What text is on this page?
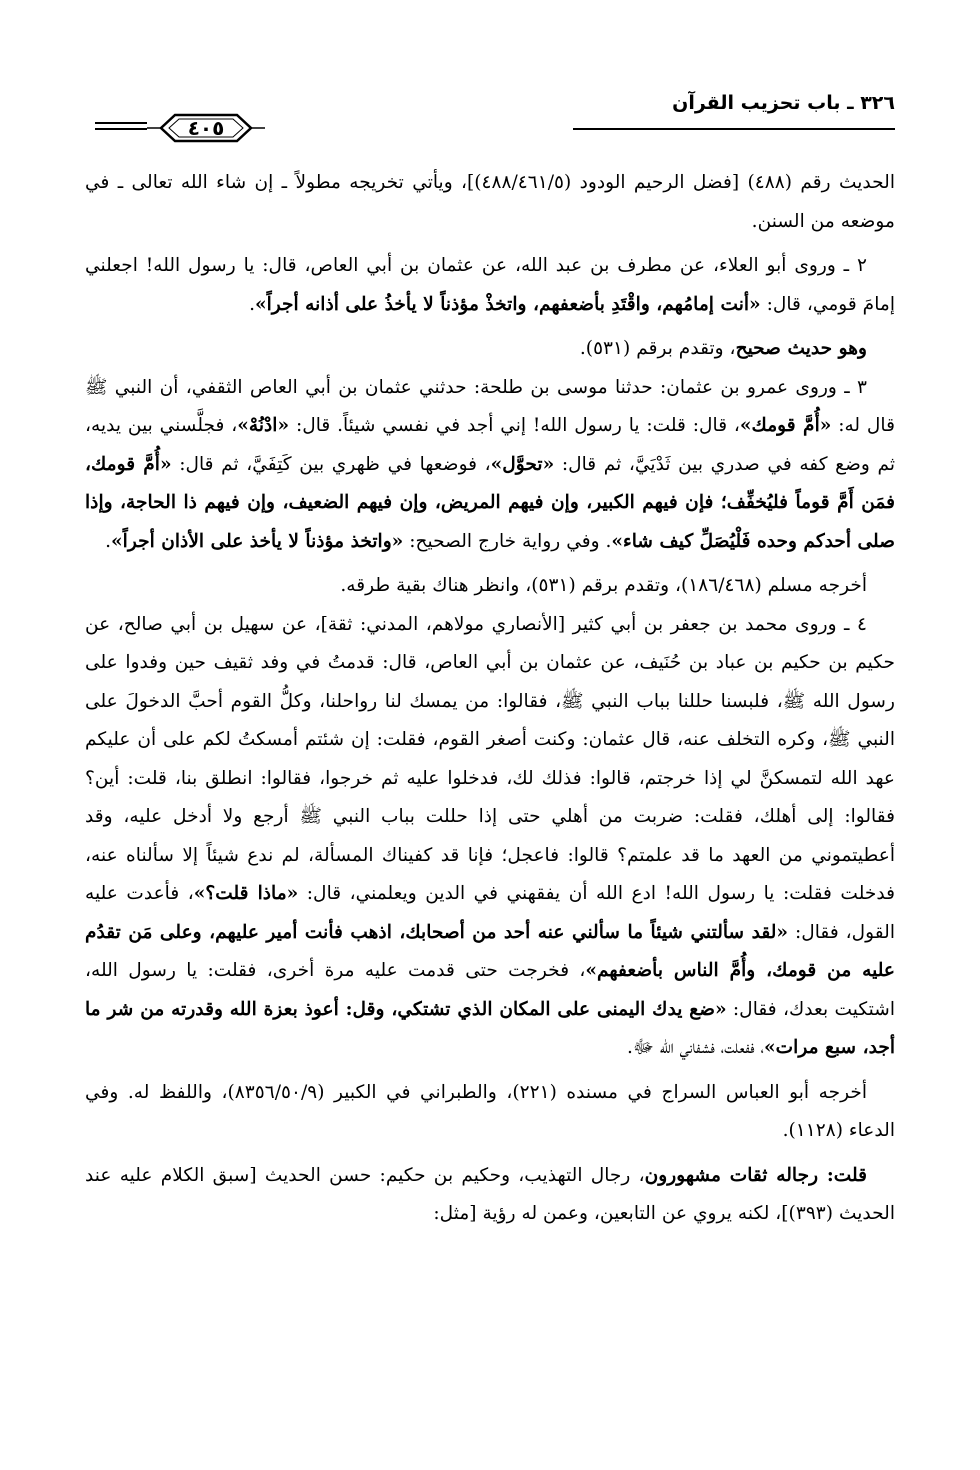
٣٢٦ ـ باب تحزيب القرآن
٤٠٥

الحديث رقم (٤٨٨) [فضل الرحيم الودود (٤٨٨/٤٦١/٥)]، ويأتي تخريجه مطولاً ـ إن شاء الله تعالى ـ في موضعه من السنن.

٢ ـ وروى أبو العلاء، عن مطرف بن عبد الله، عن عثمان بن أبي العاص، قال: يا رسول الله! اجعلني إمامَ قومي، قال: «أنت إمامُهم، واقْتَدِ بأضعفهم، واتخذْ مؤذناً لا يأخذُ على أذانه أجراً».

وهو حديث صحيح، وتقدم برقم (٥٣١).

٣ ـ وروى عمرو بن عثمان: حدثنا موسى بن طلحة: حدثني عثمان بن أبي العاص الثقفي، أن النبي ﷺ قال له: «أُمَّ قومك»، قال: قلت: يا رسول الله! إني أجد في نفسي شيئاً. قال: «ادْنُهْ»، فجلَّسني بين يديه، ثم وضع كفه في صدري بين ثَدْيَيَّ، ثم قال: «تحوَّل»، فوضعها في ظهري بين كَتِفَيَّ، ثم قال: «أُمَّ قومك، فمَن أَمَّ قوماً فليُخفِّف؛ فإن فيهم الكبير، وإن فيهم المريض، وإن فيهم الضعيف، وإن فيهم ذا الحاجة، وإذا صلى أحدكم وحده فَلْيُصَلِّ كيف شاء». وفي رواية خارج الصحيح: «واتخذ مؤذناً لا يأخذ على الأذان أجراً».

أخرجه مسلم (١٨٦/٤٦٨)، وتقدم برقم (٥٣١)، وانظر هناك بقية طرقه.

٤ ـ وروى محمد بن جعفر بن أبي كثير [الأنصاري مولاهم، المدني: ثقة]، عن سهيل بن أبي صالح، عن حكيم بن حكيم بن عباد بن حُنَيف، عن عثمان بن أبي العاص، قال: قدمتُ في وفد ثقيف حين وفدوا على رسول الله ﷺ، فلبسنا حللنا بباب النبي ﷺ، فقالوا: من يمسك لنا رواحلنا، وكلُّ القوم أحبَّ الدخولَ على النبي ﷺ، وكره التخلف عنه، قال عثمان: وكنت أصغر القوم، فقلت: إن شئتم أمسكتُ لكم على أن عليكم عهد الله لتمسكنَّ لي إذا خرجتم، قالوا: فذلك لك، فدخلوا عليه ثم خرجوا، فقالوا: انطلق بنا، قلت: أين؟ فقالوا: إلى أهلك، فقلت: ضربت من أهلي حتى إذا حللت بباب النبي ﷺ أرجع ولا أدخل عليه، وقد أعطيتموني من العهد ما قد علمتم؟ قالوا: فاعجل؛ فإنا قد كفيناك المسألة، لم ندع شيئاً إلا سألناه عنه، فدخلت فقلت: يا رسول الله! ادع الله أن يفقهني في الدين ويعلمني، قال: «ماذا قلت؟»، فأعدت عليه القول، فقال: «لقد سألتني شيئاً ما سألني عنه أحد من أصحابك، اذهب فأنت أمير عليهم، وعلى مَن تقدُم عليه من قومك، وأُمَّ الناس بأضعفهم»، فخرجت حتى قدمت عليه مرة أخرى، فقلت: يا رسول الله، اشتكيت بعدك، فقال: «ضع يدك اليمنى على المكان الذي تشتكي، وقل: أعوذ بعزة الله وقدرته من شر ما أجد، سبع مرات»، ففعلت، فشفاني الله ﷻ.

أخرجه أبو العباس السراج في مسنده (٢٢١)، والطبراني في الكبير (٨٣٥٦/٥٠/٩)، واللفظ له. وفي الدعاء (١١٢٨).

قلت: رجاله ثقات مشهورون، رجال التهذيب، وحكيم بن حكيم: حسن الحديث [سبق الكلام عليه عند الحديث (٣٩٣)]، لكنه يروي عن التابعين، وعمن له رؤية [مثل:
